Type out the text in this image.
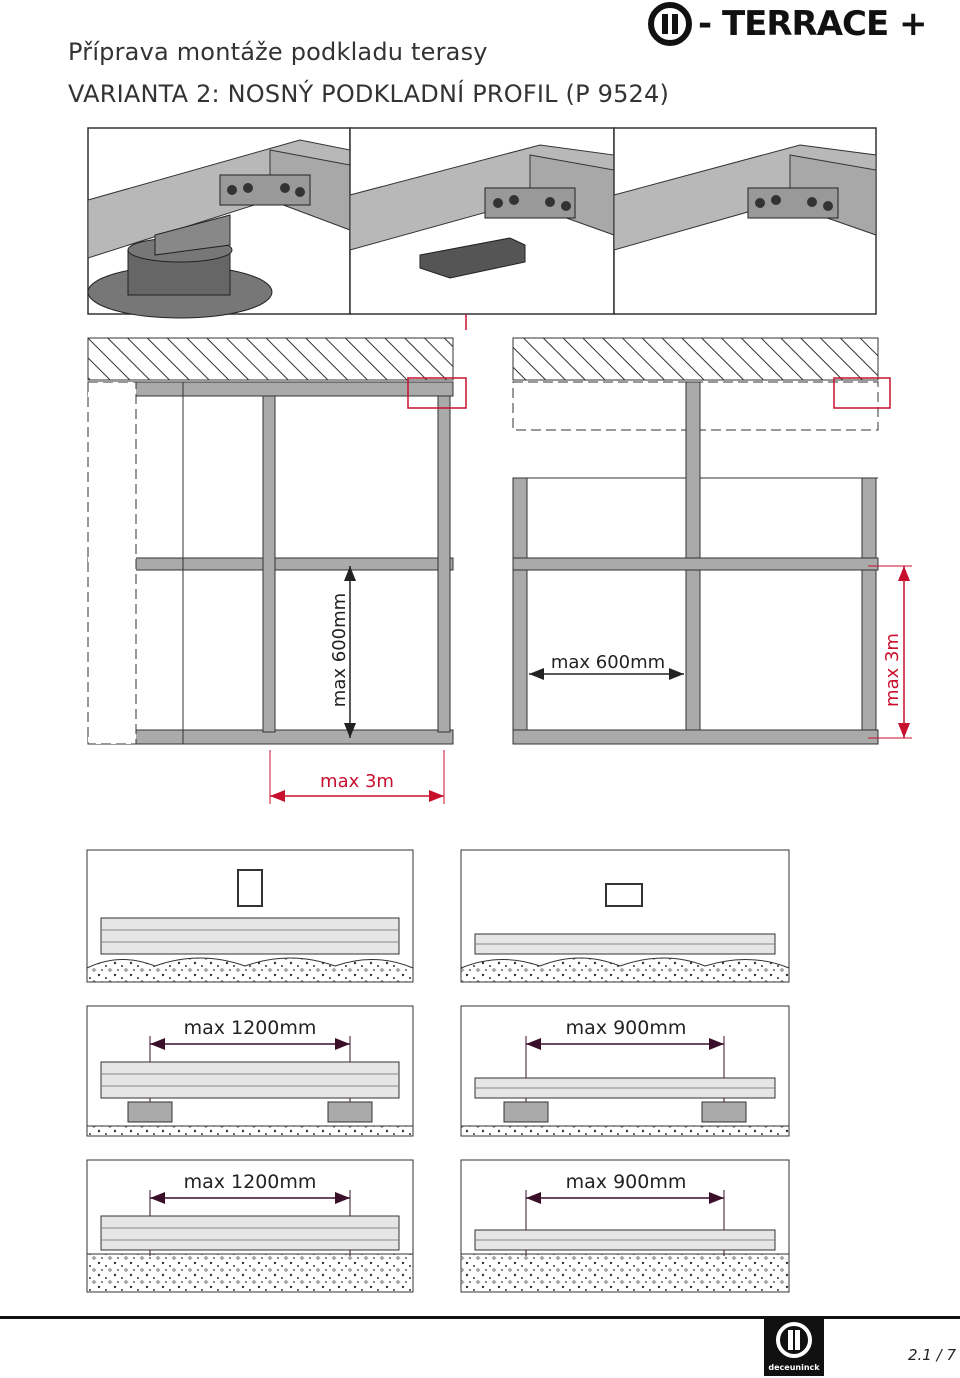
Příprava montáže podkladu terasy
VARIANTA 2: NOSNÝ PODKLADNÍ PROFIL (P 9524)
- TERRACE +
max 600mm
max 3m
max 600mm	max 3m
max 1200mm	max 900mm
max 1200mm	max 900mm
deceuninck
2.1 / 7
